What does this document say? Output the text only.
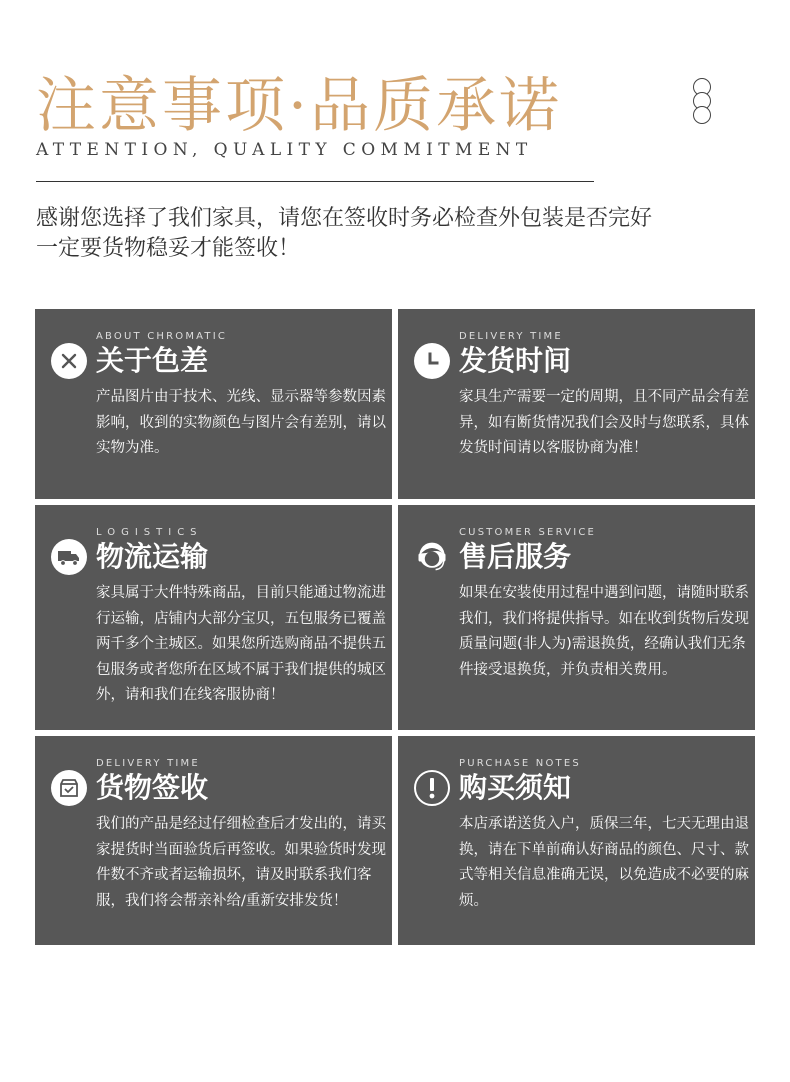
注意事项·品质承诺
ATTENTION, QUALITY COMMITMENT
感谢您选择了我们家具，请您在签收时务必检查外包装是否完好
一定要货物稳妥才能签收！
ABOUT CHROMATIC
关于色差
产品图片由于技术、光线、显示器等参数因素影响，收到的实物颜色与图片会有差别，请以实物为准。
DELIVERY TIME
发货时间
家具生产需要一定的周期，且不同产品会有差异，如有断货情况我们会及时与您联系，具体发货时间请以客服协商为准！
LOGISTICS
物流运输
家具属于大件特殊商品，目前只能通过物流进行运输，店铺内大部分宝贝，五包服务已覆盖两千多个主城区。如果您所选购商品不提供五包服务或者您所在区域不属于我们提供的城区外，请和我们在线客服协商！
CUSTOMER SERVICE
售后服务
如果在安装使用过程中遇到问题，请随时联系我们，我们将提供指导。如在收到货物后发现质量问题(非人为)需退换货，经确认我们无条件接受退换货，并负责相关费用。
DELIVERY TIME
货物签收
我们的产品是经过仔细检查后才发出的，请买家提货时当面验货后再签收。如果验货时发现件数不齐或者运输损坏，请及时联系我们客服，我们将会帮亲补给/重新安排发货！
PURCHASE NOTES
购买须知
本店承诺送货入户，质保三年，七天无理由退换，请在下单前确认好商品的颜色、尺寸、款式等相关信息准确无误，以免造成不必要的麻烦。
